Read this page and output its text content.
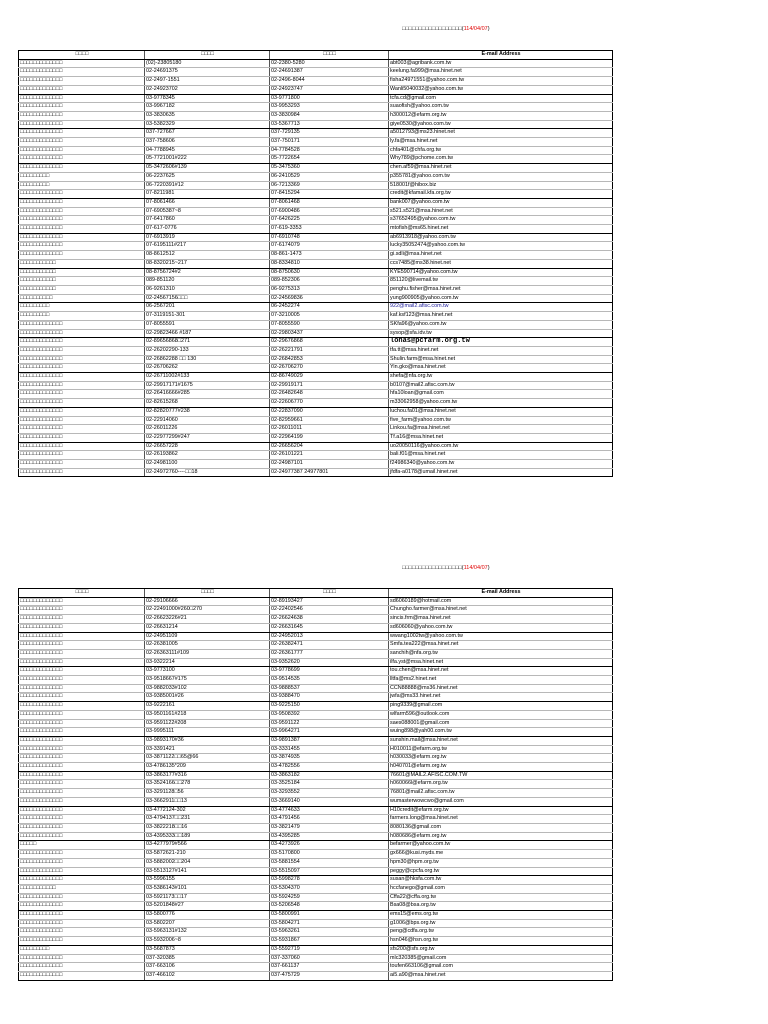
□□□□□□□□□□□□□□□□□□(114/04/07)
□□□□	□□□□	□□□□	E-mail Address
□□□□□□□□□□□□□	(02)-23805180	02-2380-5280	abt003@agribank.com.tw
□□□□□□□□□□□□□	02-24691375	02-24691387	keelung.fa999@msa.hinet.net
□□□□□□□□□□□□□	02-2497-1551	02-2496-8044	fisha24971551@yahoo.com.tw
□□□□□□□□□□□□□	02-24923702	02-24923747	Wanli5040032@yahoo.com.tw
□□□□□□□□□□□□□	03-9778345	03-9771800	tcfa.cd@gmail.com
□□□□□□□□□□□□□	03-9967182	03-9953293	suaofish@yahoo.com.tw
□□□□□□□□□□□□□	03-3830635	03-3830984	h300012@efarm.org.tw
□□□□□□□□□□□□□	03-5382329	03-5367713	giye0530@yahoo.com.tw
□□□□□□□□□□□□□	037-727667	037-729135	a5012793@ms23.hinet.net
□□□□□□□□□□□□□	037-758606	037-750171	ly.fa@msa.hinet.net
□□□□□□□□□□□□□	04-7788945	04-7784528	chfa401@chfa.org.tw
□□□□□□□□□□□□□	05-7721001#222	05-7722654	Why789@pchome.com.tw
□□□□□□□□□□□□□	05-3472606#139	05-3475360	chen.af59@msa.hinet.net
□□□□□□□□□	06-2237625	06-2410529	p355781@yahoo.com.tw
□□□□□□□□□	06-7220391#12	06-7213369	518001f@hibox.biz
□□□□□□□□□□□□□	07-8211981	07-8415294	credit@kfamail.kfa.org.tw
□□□□□□□□□□□□□	07-8061466	07-8061468	bank007@yahoo.com.tw
□□□□□□□□□□□□□	07-6905387~8	07-6900486	s521.s521@msa.hinet.net
□□□□□□□□□□□□□	07-6417860	07-6426225	s37652495@yahoo.com.tw
□□□□□□□□□□□□□	07-617-0776	07-619-3353	mtofish@ms65.hinet.net
□□□□□□□□□□□□□	07-6913919	07-6910748	ab6913918@yahoo.com.tw
□□□□□□□□□□□□□	07-6195111#217	07-6174079	lucky35052474@yahoo.com.tw
□□□□□□□□□□□□□	08-8612512	08-861-1473	gi.sdli@msa.hinet.net
□□□□□□□□□□□	08-8320215~217	08-8334810	ccs7485@ms38.hinet.net
□□□□□□□□□□□	08-8756724#2	08-8750630	KYE590714@yahoo.com.tw
□□□□□□□□□□□	089-851120	089-852306	851120@livemail.tw
□□□□□□□□□□□	06-9261310	06-9275313	penghu.fisher@msa.hinet.net
□□□□□□□□□□	02-24567156□□□	02-24569836	yung900905@yahoo.com.tw
□□□□□□□□□	06-2567201	06-2452274	922@mail2.afisc.com.tw
□□□□□□□□□	07-3119151-301	07-3210005	kaf.ksf123@msa.hinet.net
□□□□□□□□□□□□□	07-8055591	07-8055590	SKfa96@yahoo.com.tw
□□□□□□□□□□□□□	02-29823466 #187	02-29803437	sysop@sfa.idv.tw
□□□□□□□□□□□□□	02-89656868□271	02-29676868	lohas@pcfarm.org.tw
□□□□□□□□□□□□□	02-26202290-133	02-26221791	tfa.tt@msa.hinet.net
□□□□□□□□□□□□□	02-26862288 □□ 130	02-26842853	Shulin.farm@msa.hinet.net
□□□□□□□□□□□□□	02-26706262	02-26706270	Yin.gko@msa.hinet.net
□□□□□□□□□□□□□	02-26711002#133	02-86749029	shefa@nfa.org.tw
□□□□□□□□□□□□□	02-29917171#1675	02-29919171	b0107@mail2.afisc.com.tw
□□□□□□□□□□□□□	02-26416666#285	02-26482648	hfa10loan@gmail.com
□□□□□□□□□□□□□	02-82615268	02-22606770	m33062958@yahoo.com.tw
□□□□□□□□□□□□□	02-82820777#238	02-22837090	luchou.fa01@msa.hinet.net
□□□□□□□□□□□□□	02-22914060	02-82959661	five_farm@yahoo.com.tw
□□□□□□□□□□□□□	02-26011226	02-26011011	Linkou.fa@msa.hinet.net
□□□□□□□□□□□□□	02-22977299#247	02-22964199	Tf.a16@msa.hinet.net
□□□□□□□□□□□□□	02-26657228	02-26656204	uo20050116@yahoo.com.tw
□□□□□□□□□□□□□	02-26193862	02-26101221	bali.f01@msa.hinet.net
□□□□□□□□□□□□□	02-24981100	02-24987101	f24986340@yahoo.com.tw
□□□□□□□□□□□□□	02-24972760----□□18	02-24977387 24977801	jfdfa-a0178@umail.hinet.net
□□□□□□□□□□□□□□□□□□(114/04/07)
□□□□	□□□□	□□□□	E-mail Address
□□□□□□□□□□□□□	02-29106666	02-89193427	sd6060189@hotmail.com
□□□□□□□□□□□□□	02-22491000#260□270	02-22402546	Chungho.farmer@msa.hinet.net
□□□□□□□□□□□□□	02-26623226#21	02-26624638	sincis.frm@msa.hinet.net
□□□□□□□□□□□□□	02-26631214	02-26631645	sd606060@yahoo.com.tw
□□□□□□□□□□□□□	02-24951109	02-24952013	wwang1002tw@yahoo.com.tw
□□□□□□□□□□□□□	02-26381005	02-26382471	Smfa.tea222@msa.hinet.net
□□□□□□□□□□□□□	02-26363111#109	02-26361777	sanchih@nfa.org.tw
□□□□□□□□□□□□□	03-9322214	03-9352620	ilfa.yst@msa.hinet.net
□□□□□□□□□□□□□	03-9773100	03-9778699	tou.chen@msa.hinet.net
□□□□□□□□□□□□□	03-9518667#175	03-9514535	lltfa@ms2.hinet.net
□□□□□□□□□□□□□	03-9882033#102	03-9888537	CCN88888@ms36.hinet.net
□□□□□□□□□□□□□	03-9385001#26	03-9388470	jwfa@ms33.hinet.net
□□□□□□□□□□□□□	03-9222161	03-9225150	ping9339@gmail.com
□□□□□□□□□□□□□	03-9501161#218	03-9508392	wlfarm596@outlook.com
□□□□□□□□□□□□□	03-9591122#208	03-9591122	saes088001@gmail.com
□□□□□□□□□□□□□	03-9995111	03-9964271	wuing898@yah00.com.tw
□□□□□□□□□□□□□	03-9893170#36	03-9891387	sunshin.mail@msa.hinet.net
□□□□□□□□□□□□□	03-3391421	03-3331455	H010011@efarm.org.tw
□□□□□□□□□□□□□	03-3871122□□65@66	03-3874935	h030033@efarm.org.tw
□□□□□□□□□□□□□	03-4786135*209	03-4782556	h040701@efarm.org.tw
□□□□□□□□□□□□□	03-3863177#316	03-3863182	76601@MAIL2.AFISC.COM.TW
□□□□□□□□□□□□□	03-3524166□□278	03-3525184	h060066l@efarm.org.tw
□□□□□□□□□□□□□	03-3291128□56	03-3293552	76801@mail2.afisc.com.tw
□□□□□□□□□□□□□	03-3662911□□13	03-3669140	wumasterwowcwo@gmail.com
□□□□□□□□□□□□□	03-4772124-302	03-4774633	H10credit@efarm.org.tw
□□□□□□□□□□□□□	03-4794137□□231	03-4791456	farmers.long@msa.hinet.net
□□□□□□□□□□□□□	03-3822218□□16	03-3821479	8080136@gmail.com
□□□□□□□□□□□□□	03-4395333□□189	03-4395285	h080686@efarm.org.tw
□□□□□	03-4277979#566	03-4273926	befarmer@yahoo.com.tw
□□□□□□□□□□□□□	03-5872621-210	03-5170800	gx666@kusi.myds.me
□□□□□□□□□□□□□	03-5882002□□204	03-5881554	hpm30@hpm.org.tw
□□□□□□□□□□□□□	03-5513127#141	03-5515097	peggy@cpcfa.org.tw
□□□□□□□□□□□□□	03-5996155	03-5998278	susan@hksfa.com.tw
□□□□□□□□□□□	03-5386143#101	03-5304370	hccfanego@gmail.com
□□□□□□□□□□□□□	03-5921173□□17	03-5924259	Cffa22@cffa.org.tw
□□□□□□□□□□□□□	03-5201848#27	03-5206548	Bsa08@bsa.org.tw
□□□□□□□□□□□□□	03-5800776	03-5800991	ems15@ems.org.tw
□□□□□□□□□□□□□	03-5802207	03-5804271	g1006@bps.org.tw
□□□□□□□□□□□□□	03-5963131#132	03-5963261	peng@cdfa.org.tw
□□□□□□□□□□□□□	03-5932006~8	03-5931867	hsn046@hsn.org.tw
□□□□□□□□□	03-5687873	03-5592719	sfs200@sfs.org.tw
□□□□□□□□□□□□□	037-320385	037-337060	mlc320385@gmail.com
□□□□□□□□□□□□□	037-663106	037-661137	toufen663106@gmail.com
□□□□□□□□□□□□□	037-466102	037-475729	ai5.a90@msa.hinet.net
